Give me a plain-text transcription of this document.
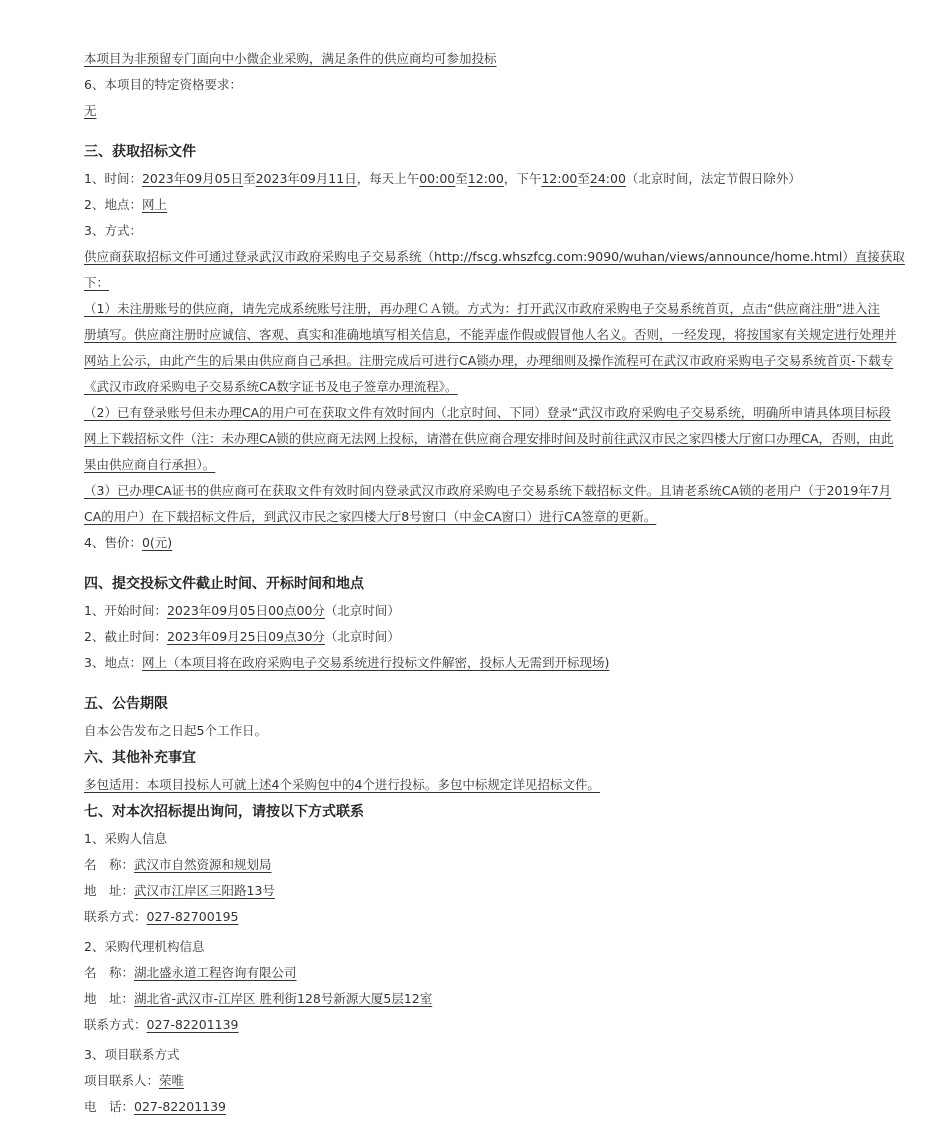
本项目为非预留专门面向中小微企业采购，满足条件的供应商均可参加投标
6、本项目的特定资格要求：
无
三、获取招标文件
1、时间：2023年09月05日至2023年09月11日，每天上午00:00至12:00，下午12:00至24:00（北京时间，法定节假日除外）
2、地点：网上
3、方式：
供应商获取招标文件可通过登录武汉市政府采购电子交易系统（http://fscg.whszfcg.com:9090/wuhan/views/announce/home.html）直接获取
下：
（1）未注册账号的供应商，请先完成系统账号注册，再办理ＣＡ锁。方式为：打开武汉市政府采购电子交易系统首页，点击“供应商注册”进入注
册填写。供应商注册时应诚信、客观、真实和准确地填写相关信息，不能弄虚作假或假冒他人名义。否则，一经发现，将按国家有关规定进行处理并
网站上公示，由此产生的后果由供应商自己承担。注册完成后可进行CA锁办理，办理细则及操作流程可在武汉市政府采购电子交易系统首页-下载专
《武汉市政府采购电子交易系统CA数字证书及电子签章办理流程》。
（2）已有登录账号但未办理CA的用户可在获取文件有效时间内（北京时间、下同）登录“武汉市政府采购电子交易系统，明确所申请具体项目标段
网上下载招标文件（注：未办理CA锁的供应商无法网上投标，请潜在供应商合理安排时间及时前往武汉市民之家四楼大厅窗口办理CA，否则，由此
果由供应商自行承担）。
（3）已办理CA证书的供应商可在获取文件有效时间内登录武汉市政府采购电子交易系统下载招标文件。且请老系统CA锁的老用户（于2019年7月
CA的用户）在下载招标文件后，到武汉市民之家四楼大厅8号窗口（中金CA窗口）进行CA签章的更新。
4、售价：0(元)
四、提交投标文件截止时间、开标时间和地点
1、开始时间：2023年09月05日00点00分（北京时间）
2、截止时间：2023年09月25日09点30分（北京时间）
3、地点：网上（本项目将在政府采购电子交易系统进行投标文件解密，投标人无需到开标现场)
五、公告期限
自本公告发布之日起5个工作日。
六、其他补充事宜
多包适用：本项目投标人可就上述4个采购包中的4个进行投标。多包中标规定详见招标文件。
七、对本次招标提出询问，请按以下方式联系
1、采购人信息
名　称：武汉市自然资源和规划局
地　址：武汉市江岸区三阳路13号
联系方式：027-82700195
2、采购代理机构信息
名　称：湖北盛永道工程咨询有限公司
地　址：湖北省-武汉市-江岸区 胜利街128号新源大厦5层12室
联系方式：027-82201139
3、项目联系方式
项目联系人：荣唯
电　话：027-82201139
